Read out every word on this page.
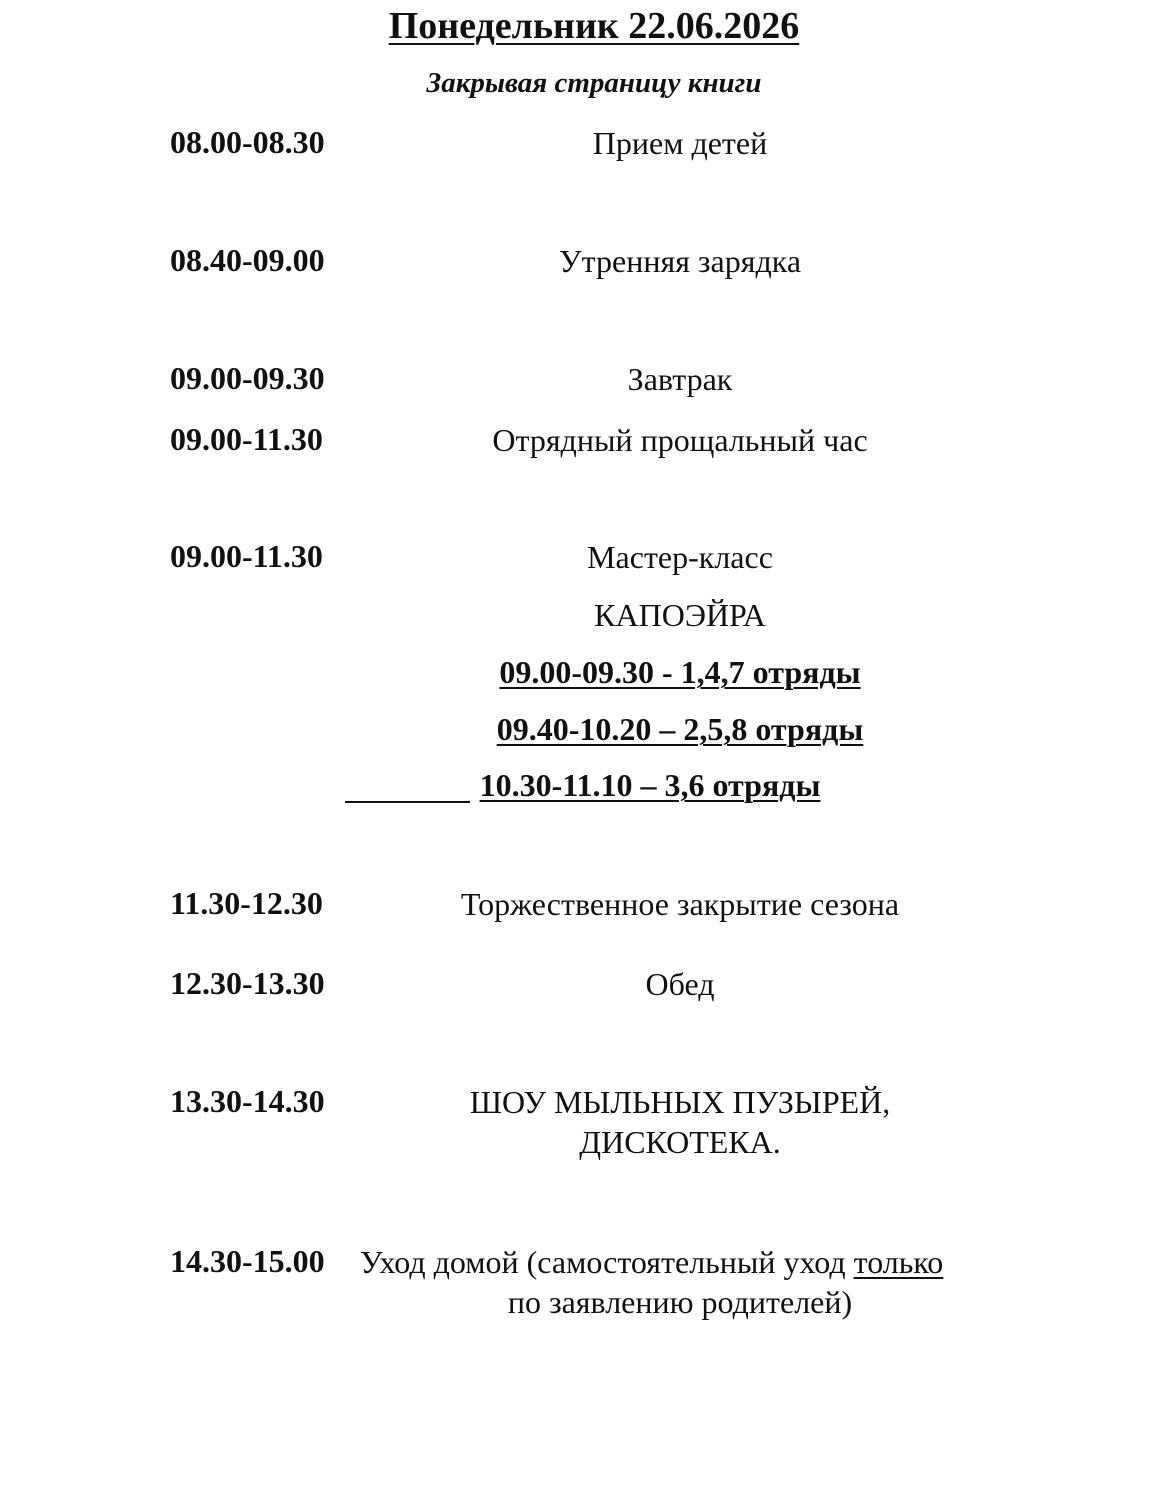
Понедельник 22.06.2026
Закрывая страницу книги
08.00-08.30	Прием детей
08.40-09.00	Утренняя зарядка
09.00-09.30	Завтрак
09.00-11.30	Отрядный прощальный час
09.00-11.30	Мастер-класс
КАПОЭЙРА
09.00-09.30 - 1,4,7 отряды
09.40-10.20 – 2,5,8 отряды
10.30-11.10 – 3,6 отряды
11.30-12.30	Торжественное закрытие сезона
12.30-13.30	Обед
13.30-14.30	ШОУ МЫЛЬНЫХ ПУЗЫРЕЙ,
ДИСКОТЕКА.
14.30-15.00 Уход домой (самостоятельный уход только
по заявлению родителей)
